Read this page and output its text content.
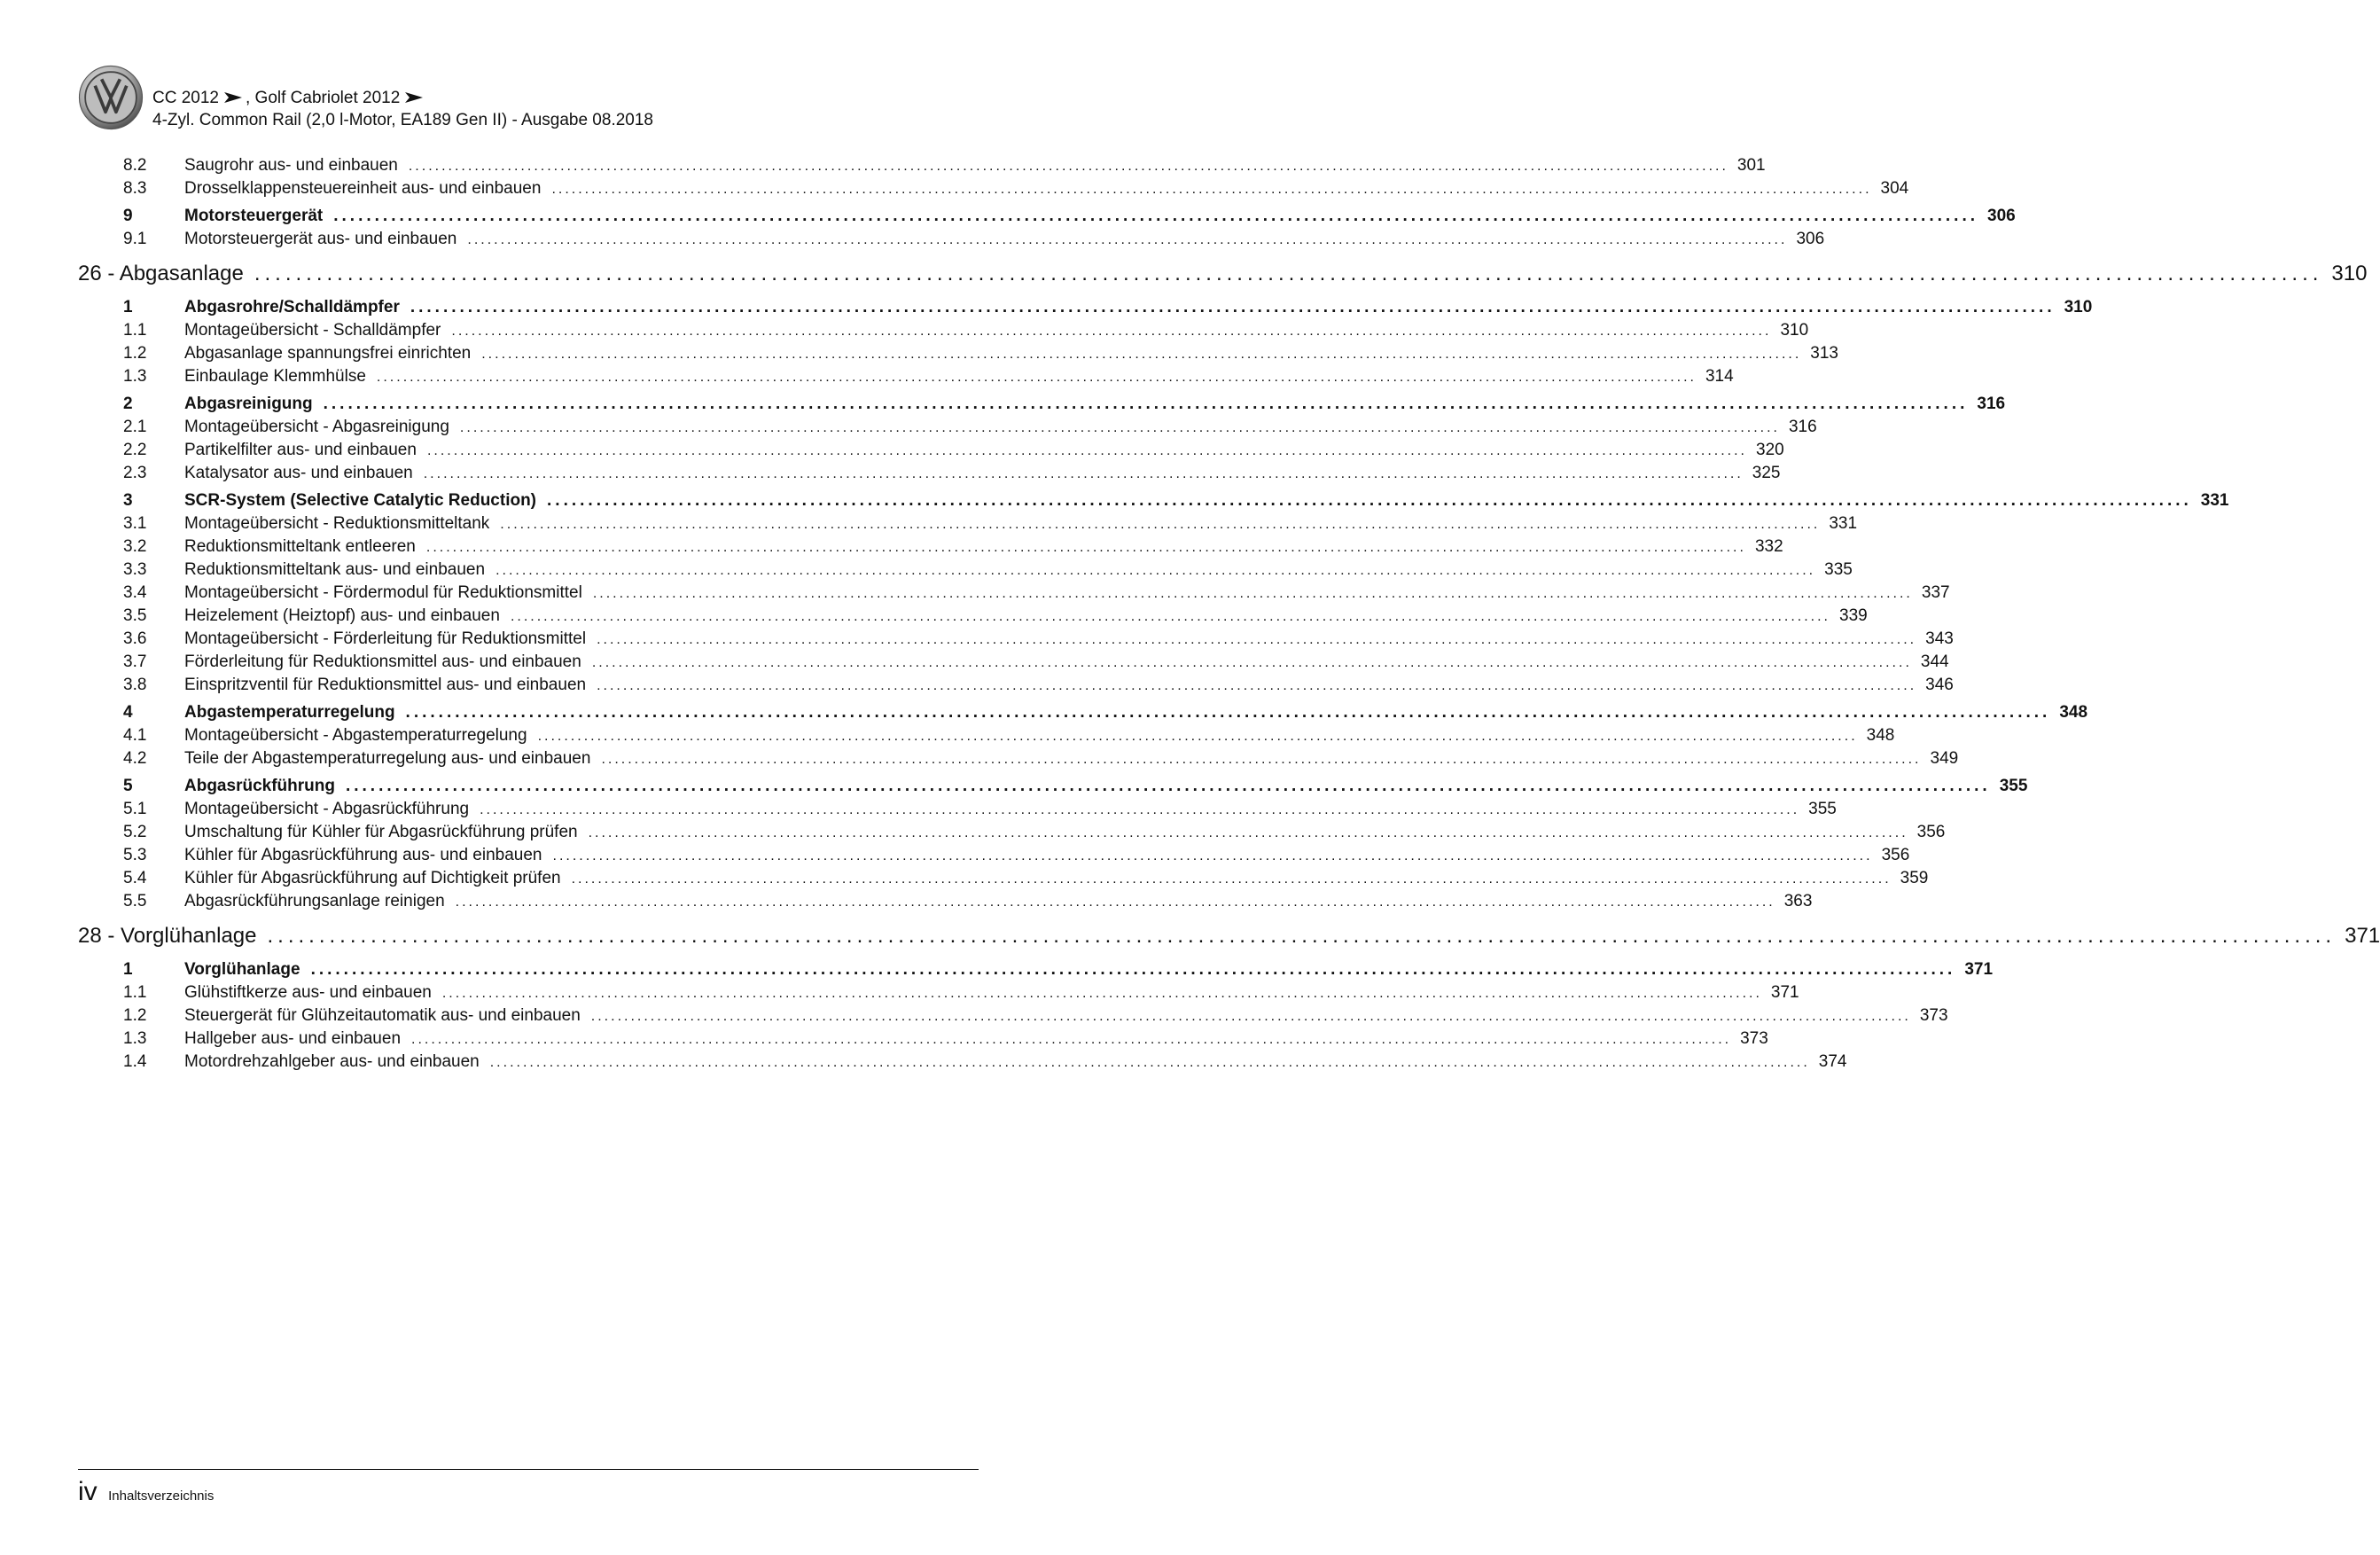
CC 2012 , Golf Cabriolet 2012
4-Zyl. Common Rail (2,0 l-Motor, EA189 Gen II) - Ausgabe 08.2018
8.2 Saugrohr aus- und einbauen ........................................................................................................................................................................................................ 301
8.3 Drosselklappensteuereinheit aus- und einbauen ........................................................................................................................................................................................................ 304
9	Motorsteuergerät ........................................................................................................................................................................................................ 306
9.1 Motorsteuergerät aus- und einbauen ........................................................................................................................................................................................................ 306
26 - Abgasanlage ........................................................................................................................................................................................................ 310
1	Abgasrohre/Schalldämpfer ........................................................................................................................................................................................................ 310
1.1 Montageübersicht - Schalldämpfer ........................................................................................................................................................................................................ 310
1.2 Abgasanlage spannungsfrei einrichten ........................................................................................................................................................................................................ 313
1.3 Einbaulage Klemmhülse ........................................................................................................................................................................................................ 314
2	Abgasreinigung ........................................................................................................................................................................................................ 316
2.1 Montageübersicht - Abgasreinigung ........................................................................................................................................................................................................ 316
2.2 Partikelfilter aus- und einbauen ........................................................................................................................................................................................................ 320
2.3 Katalysator aus- und einbauen ........................................................................................................................................................................................................ 325
3	SCR-System (Selective Catalytic Reduction) ........................................................................................................................................................................................................ 331
3.1 Montageübersicht - Reduktionsmitteltank ........................................................................................................................................................................................................ 331
3.2 Reduktionsmitteltank entleeren ........................................................................................................................................................................................................ 332
3.3 Reduktionsmitteltank aus- und einbauen ........................................................................................................................................................................................................ 335
3.4 Montageübersicht - Fördermodul für Reduktionsmittel ........................................................................................................................................................................................................ 337
3.5 Heizelement (Heiztopf) aus- und einbauen ........................................................................................................................................................................................................ 339
3.6 Montageübersicht - Förderleitung für Reduktionsmittel ........................................................................................................................................................................................................ 343
3.7 Förderleitung für Reduktionsmittel aus- und einbauen ........................................................................................................................................................................................................ 344
3.8 Einspritzventil für Reduktionsmittel aus- und einbauen ........................................................................................................................................................................................................ 346
4	Abgastemperaturregelung ........................................................................................................................................................................................................ 348
4.1 Montageübersicht - Abgastemperaturregelung ........................................................................................................................................................................................................ 348
4.2 Teile der Abgastemperaturregelung aus- und einbauen ........................................................................................................................................................................................................ 349
5	Abgasrückführung ........................................................................................................................................................................................................ 355
5.1 Montageübersicht - Abgasrückführung ........................................................................................................................................................................................................ 355
5.2 Umschaltung für Kühler für Abgasrückführung prüfen ........................................................................................................................................................................................................ 356
5.3 Kühler für Abgasrückführung aus- und einbauen ........................................................................................................................................................................................................ 356
5.4 Kühler für Abgasrückführung auf Dichtigkeit prüfen ........................................................................................................................................................................................................ 359
5.5 Abgasrückführungsanlage reinigen ........................................................................................................................................................................................................ 363
28 - Vorglühanlage ........................................................................................................................................................................................................ 371
1	Vorglühanlage ........................................................................................................................................................................................................ 371
1.1 Glühstiftkerze aus- und einbauen ........................................................................................................................................................................................................ 371
1.2 Steuergerät für Glühzeitautomatik aus- und einbauen ........................................................................................................................................................................................................ 373
1.3 Hallgeber aus- und einbauen ........................................................................................................................................................................................................ 373
1.4 Motordrehzahlgeber aus- und einbauen ........................................................................................................................................................................................................ 374
iv Inhaltsverzeichnis
